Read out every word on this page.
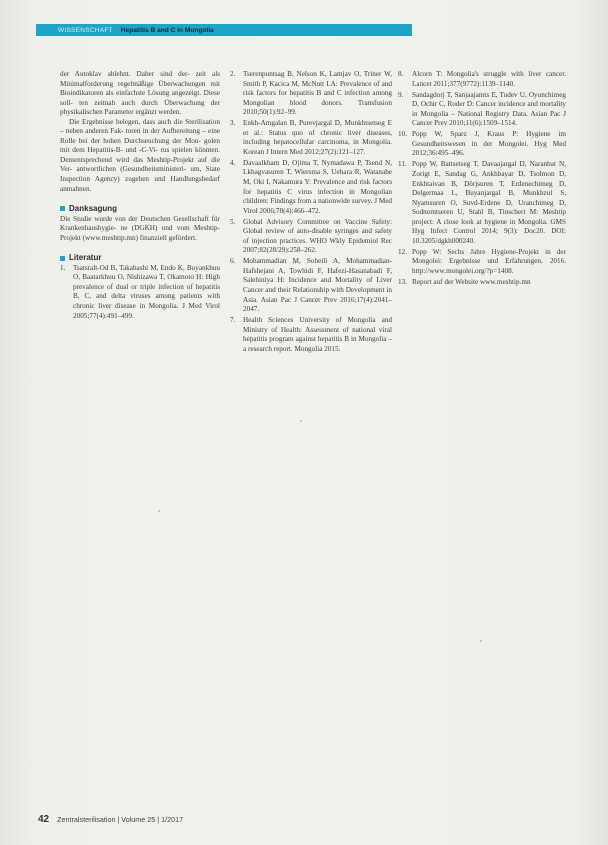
WISSENSCHAFT Hepatitis B and C in Mongolia

der Autoklav ablehnt. Daher sind der- zeit als Minimalforderung regelmäßige Überwachungen mit Bioindikatoren als einfachste Lösung angezeigt. Diese soll- ten zeitnah auch durch Überwachung der physikalischen Parameter ergänzt werden.

Die Ergebnisse belegen, dass auch die Sterilisation – neben anderen Fak- toren in der Aufbereitung – eine Rolle bei der hohen Durchseuchung der Mon- golen mit dem Hepatitis-B- und -C-Vi- rus spielen könnten. Dementsprechend wird das Meshtip-Projekt auf die Ver- antwortlichen (Gesundheitsministeri- um, State Inspection Agency) zugehen und Handlungsbedarf anmahnen.

Danksagung

Die Studie wurde von der Deutschen Gesellschaft für Krankenhaushygie- ne (DGKH) und vom Meshtip-Projekt (www.meshtip.mn) finanziell gefördert.

Literatur
1. Tsatsralt-Od B, Takahashi M, Endo K, Buyankhuu O, Baatarkhuu O, Nishizawa T, Okamoto H: High prevalence of dual or triple infection of hepatitis B, C, and delta viruses among patients with chronic liver disease in Mongolia. J Med Virol 2005;77(4):491–499.
2. Tserenpuntsag B, Nelson K, Lamjav O, Triner W, Smith P, Kacica M, McNutt LA: Prevalence of and risk factors for hepatitis B and C infection among Mongolian blood donors. Transfusion 2010;50(1):92–99.
3. Enkh-Amgalan B, Purevjargal D, Munkhtsetseg E et al.: Status quo of chronic liver diseases, including hepatocellular carcinoma, in Mongolia. Korean J Intern Med 2012;27(2):121–127.
4. Davaalkham D, Ojima T, Nymadawa P, Tsend N, Lkhagvasuren T, Wiersma S, Uehara R, Watanabe M, Oki I, Nakamura Y: Prevalence and risk factors for hepatitis C virus infection in Mongolian children: Findings from a nationwide survey. J Med Virol 2006;78(4):466–472.
5. Global Advisory Committee on Vaccine Safety: Global review of auto-disable syringes and safety of injection practices. WHO Wkly Epidemiol Rec 2007;82(28/29):258–262.
6. Mohammadian M, Soheili A, Mohammadian-Hafshejani A, Towhidi F, Hafezi-Hasanabadi F, Salehiniya H: Incidence and Mortality of Liver Cancer and their Relationship with Development in Asia. Asian Pac J Cancer Prev 2016;17(4):2041–2047.
7. Health Sciences University of Mongolia and Ministry of Health: Assessment of national viral hepatitis program against hepatitis B in Mongolia – a research report. Mongolia 2015.
8. Alcorn T: Mongolia's struggle with liver cancer. Lancet 2011;377(9772):1139–1140.
9. Sandagdorj T, Sanjaajamts E, Tudev U, Oyunchimeg D, Ochir C, Roder D: Cancer incidence and mortality in Mongolia – National Registry Data. Asian Pac J Cancer Prev 2010;11(6):1509–1514.
10. Popp W, Sparz J, Kraus P: Hygiene im Gesundheitswesen in der Mongolei. Hyg Med 2012;36:495–496.
11. Popp W, Battsetseg T, Davaajargal D, Naranbat N, Zorigt E, Sandag G, Ankhbayar D, Tsolmon D, Enkhtaivan B, Dörjsuren T, Erdenechimeg D, Delgermaa L, Buyanjargal B, Munkhzul S, Nyamsuren O, Suvd-Erdene D, Uranchimeg D, Sodnomtseren U, Stahl B, Tinschert M: Meshtip project: A close look at hygiene in Mongolia. GMS Hyg Infect Control 2014; 9(3): Doc20. DOI: 10.3205/dgkh000240.
12. Popp W: Sechs Jahre Hygiene-Projekt in der Mongolei: Ergebnisse und Erfahrungen. 2016. http://www.mongolei.org/?p=1408.
13. Report auf der Website www.meshtip.mn
42 Zentralsterilisation | Volume 25 | 1/2017
